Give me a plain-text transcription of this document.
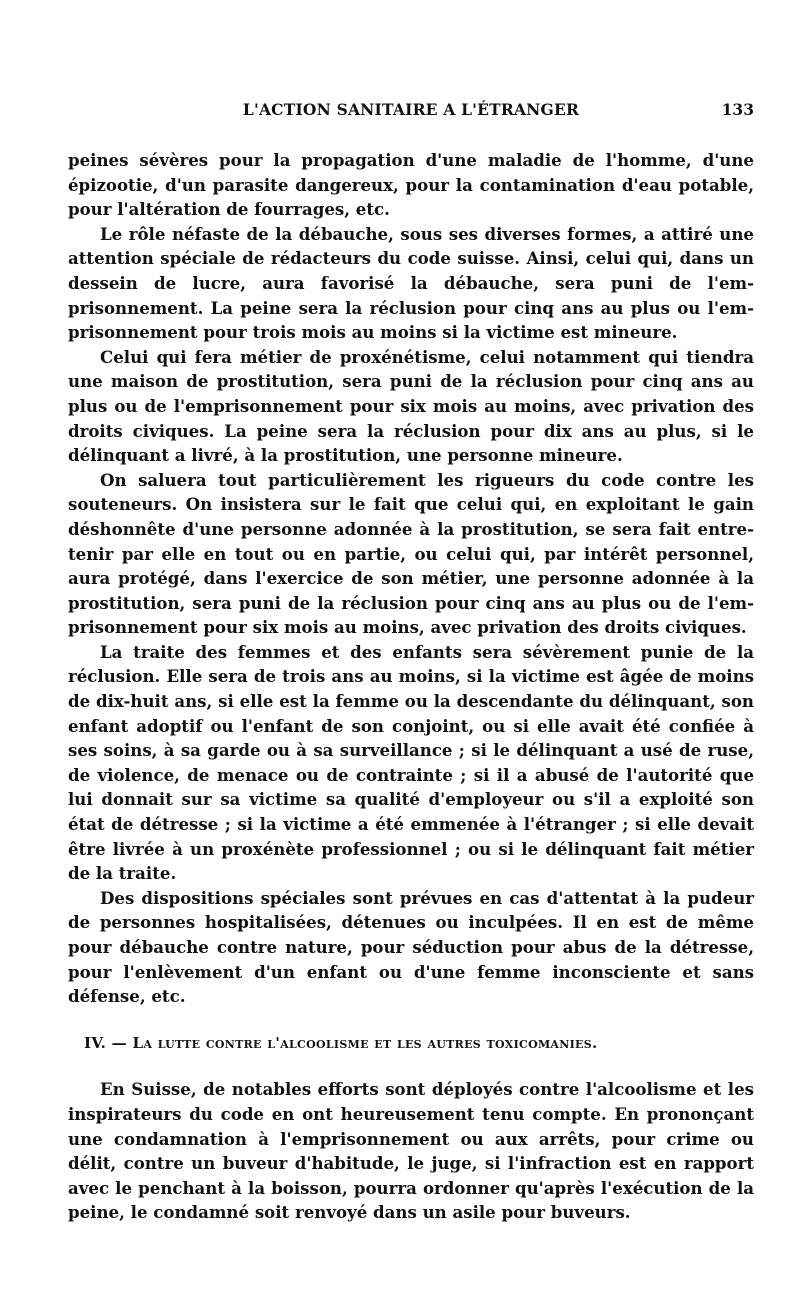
L'ACTION SANITAIRE A L'ÉTRANGER	133

peines sévères pour la propagation d'une maladie de l'homme, d'une épizootie, d'un parasite dangereux, pour la contamination d'eau potable, pour l'altération de fourrages, etc.

Le rôle néfaste de la débauche, sous ses diverses formes, a attiré une attention spéciale de rédacteurs du code suisse. Ainsi, celui qui, dans un dessein de lucre, aura favorisé la débauche, sera puni de l'emprisonnement. La peine sera la réclusion pour cinq ans au plus ou l'emprisonnement pour trois mois au moins si la victime est mineure.

Celui qui fera métier de proxénétisme, celui notamment qui tiendra une maison de prostitution, sera puni de la réclusion pour cinq ans au plus ou de l'emprisonnement pour six mois au moins, avec privation des droits civiques. La peine sera la réclusion pour dix ans au plus, si le délinquant a livré, à la prostitution, une personne mineure.

On saluera tout particulièrement les rigueurs du code contre les souteneurs. On insistera sur le fait que celui qui, en exploitant le gain déshonnête d'une personne adonnée à la prostitution, se sera fait entretenir par elle en tout ou en partie, ou celui qui, par intérêt personnel, aura protégé, dans l'exercice de son métier, une personne adonnée à la prostitution, sera puni de la réclusion pour cinq ans au plus ou de l'emprisonnement pour six mois au moins, avec privation des droits civiques.

La traite des femmes et des enfants sera sévèrement punie de la réclusion. Elle sera de trois ans au moins, si la victime est âgée de moins de dix-huit ans, si elle est la femme ou la descendante du délinquant, son enfant adoptif ou l'enfant de son conjoint, ou si elle avait été confiée à ses soins, à sa garde ou à sa surveillance ; si le délinquant a usé de ruse, de violence, de menace ou de contrainte ; si il a abusé de l'autorité que lui donnait sur sa victime sa qualité d'employeur ou s'il a exploité son état de détresse ; si la victime a été emmenée à l'étranger ; si elle devait être livrée à un proxénète professionnel ; ou si le délinquant fait métier de la traite.

Des dispositions spéciales sont prévues en cas d'attentat à la pudeur de personnes hospitalisées, détenues ou inculpées. Il en est de même pour débauche contre nature, pour séduction pour abus de la détresse, pour l'enlèvement d'un enfant ou d'une femme inconsciente et sans défense, etc.

IV. — La lutte contre l'alcoolisme et les autres toxicomanies.

En Suisse, de notables efforts sont déployés contre l'alcoolisme et les inspirateurs du code en ont heureusement tenu compte. En prononçant une condamnation à l'emprisonnement ou aux arrêts, pour crime ou délit, contre un buveur d'habitude, le juge, si l'infraction est en rapport avec le penchant à la boisson, pourra ordonner qu'après l'exécution de la peine, le condamné soit renvoyé dans un asile pour buveurs.
